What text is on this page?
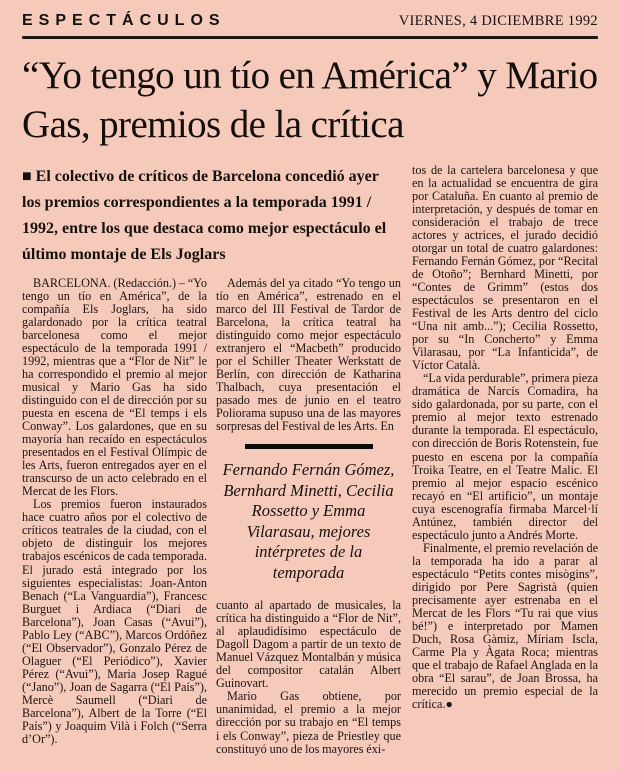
ESPECTÁCULOS	VIERNES, 4 DICIEMBRE 1992
“Yo tengo un tío en América” y Mario Gas, premios de la crítica

■ El colectivo de críticos de Barcelona concedió ayer los premios correspondientes a la temporada 1991 / 1992, entre los que destaca como mejor espectáculo el último montaje de Els Joglars

BARCELONA. (Redacción.) – “Yo tengo un tío en América”, de la compañía Els Joglars, ha sido galardonado por la crítica teatral barcelonesa como el mejor espectáculo de la temporada 1991 / 1992, mientras que a “Flor de Nit” le ha correspondido el premio al mejor musical y Mario Gas ha sido distinguido con el de dirección por su puesta en escena de “El temps i els Conway”. Los galardones, que en su mayoría han recaído en espectáculos presentados en el Festival Olímpic de les Arts, fueron entregados ayer en el transcurso de un acto celebrado en el Mercat de les Flors.

Los premios fueron instaurados hace cuatro años por el colectivo de críticos teatrales de la ciudad, con el objeto de distinguir los mejores trabajos escénicos de cada temporada. El jurado está integrado por los siguientes especialistas: Joan-Anton Benach (“La Vanguardia”), Francesc Burguet i Ardiaca (“Diari de Barcelona”), Joan Casas (“Avui”), Pablo Ley (“ABC”), Marcos Ordóñez (“El Observador”), Gonzalo Pérez de Olaguer (“El Periódico”), Xavier Pérez (“Avui”), Maria Josep Ragué (“Jano”), Joan de Sagarra (“El País”), Mercè Saumell (“Diari de Barcelona”), Albert de la Torre (“El País”) y Joaquim Vilà i Folch (“Serra d’Or”).

Además del ya citado “Yo tengo un tío en América”, estrenado en el marco del III Festival de Tardor de Barcelona, la crítica teatral ha distinguido como mejor espectáculo extranjero el “Macbeth” producido por el Schiller Theater Werkstatt de Berlín, con dirección de Katharina Thalbach, cuya presentación el pasado mes de junio en el teatro Poliorama supuso una de las mayores sorpresas del Festival de les Arts. En

Fernando Fernán Gómez, Bernhard Minetti, Cecilia Rossetto y Emma Vilarasau, mejores intérpretes de la temporada

cuanto al apartado de musicales, la crítica ha distinguido a “Flor de Nit”, al aplaudidísimo espectáculo de Dagoll Dagom a partir de un texto de Manuel Vázquez Montalbán y música del compositor catalán Albert Guinovart.

Mario Gas obtiene, por unanimidad, el premio a la mejor dirección por su trabajo en “El temps i els Conway”, pieza de Priestley que constituyó uno de los mayores éxi-

tos de la cartelera barcelonesa y que en la actualidad se encuentra de gira por Cataluña. En cuanto al premio de interpretación, y después de tomar en consideración el trabajo de trece actores y actrices, el jurado decidió otorgar un total de cuatro galardones: Fernando Fernán Gómez, por “Recital de Otoño”; Bernhard Minetti, por “Contes de Grimm” (estos dos espectáculos se presentaron en el Festival de les Arts dentro del ciclo “Una nit amb...”); Cecilia Rossetto, por su “In Concherto” y Emma Vilarasau, por “La Infanticida”, de Víctor Català.

“La vida perdurable”, primera pieza dramática de Narcís Comadira, ha sido galardonada, por su parte, con el premio al mejor texto estrenado durante la temporada. El espectáculo, con dirección de Boris Rotenstein, fue puesto en escena por la compañía Troika Teatre, en el Teatre Malic. El premio al mejor espacio escénico recayó en “El artificio”, un montaje cuya escenografía firmaba Marcel·lí Antúnez, también director del espectáculo junto a Andrés Morte.

Finalmente, el premio revelación de la temporada ha ido a parar al espectáculo “Petits contes misògins”, dirigido por Pere Sagristà (quien precisamente ayer estrenaba en el Mercat de les Flors “Tu rai que vius bé!”) e interpretado por Mamen Duch, Rosa Gàmiz, Míriam Iscla, Carme Pla y Àgata Roca; mientras que el trabajo de Rafael Anglada en la obra “El sarau”, de Joan Brossa, ha merecido un premio especial de la crítica.●
